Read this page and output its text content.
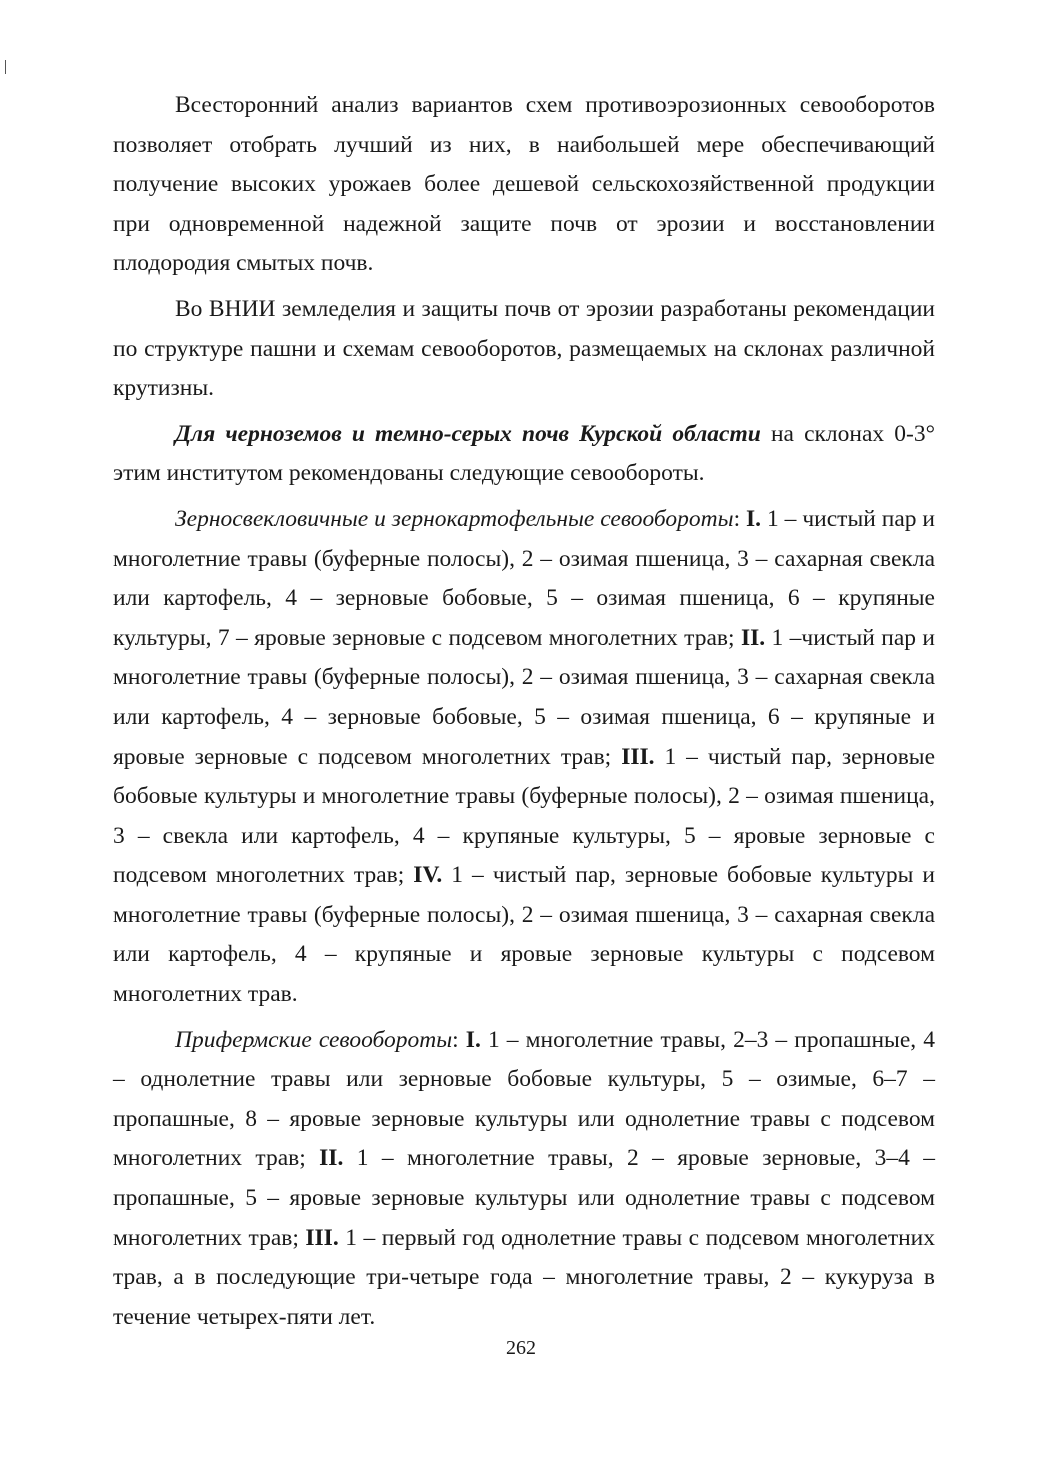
Всесторонний анализ вариантов схем противоэрозионных севооборотов позволяет отобрать лучший из них, в наибольшей мере обеспечивающий получение высоких урожаев более дешевой сельскохозяйственной продукции при одновременной надежной защите почв от эрозии и восстановлении плодородия смытых почв.

Во ВНИИ земледелия и защиты почв от эрозии разработаны рекомендации по структуре пашни и схемам севооборотов, размещаемых на склонах различной крутизны.

Для черноземов и темно-серых почв Курской области на склонах 0-3° этим институтом рекомендованы следующие севообороты.

Зерносвекловичные и зернокартофельные севообороты: I. 1 – чистый пар и многолетние травы (буферные полосы), 2 – озимая пшеница, 3 – сахарная свекла или картофель, 4 – зерновые бобовые, 5 – озимая пшеница, 6 – крупяные культуры, 7 – яровые зерновые с подсевом многолетних трав; II. 1 –чистый пар и многолетние травы (буферные полосы), 2 – озимая пшеница, 3 – сахарная свекла или картофель, 4 – зерновые бобовые, 5 – озимая пшеница, 6 – крупяные и яровые зерновые с подсевом многолетних трав; III. 1 – чистый пар, зерновые бобовые культуры и многолетние травы (буферные полосы), 2 – озимая пшеница, 3 – свекла или картофель, 4 – крупяные культуры, 5 – яровые зерновые с подсевом многолетних трав; IV. 1 – чистый пар, зерновые бобовые культуры и многолетние травы (буферные полосы), 2 – озимая пшеница, 3 – сахарная свекла или картофель, 4 – крупяные и яровые зерновые культуры с подсевом многолетних трав.

Прифермские севообороты: I. 1 – многолетние травы, 2–3 – пропашные, 4 – однолетние травы или зерновые бобовые культуры, 5 – озимые, 6–7 – пропашные, 8 – яровые зерновые культуры или однолетние травы с подсевом многолетних трав; II. 1 – многолетние травы, 2 – яровые зерновые, 3–4 – пропашные, 5 – яровые зерновые культуры или однолетние травы с подсевом многолетних трав; III. 1 – первый год однолетние травы с подсевом многолетних трав, а в последующие три-четыре года – многолетние травы, 2 – кукуруза в течение четырех-пяти лет.

262
